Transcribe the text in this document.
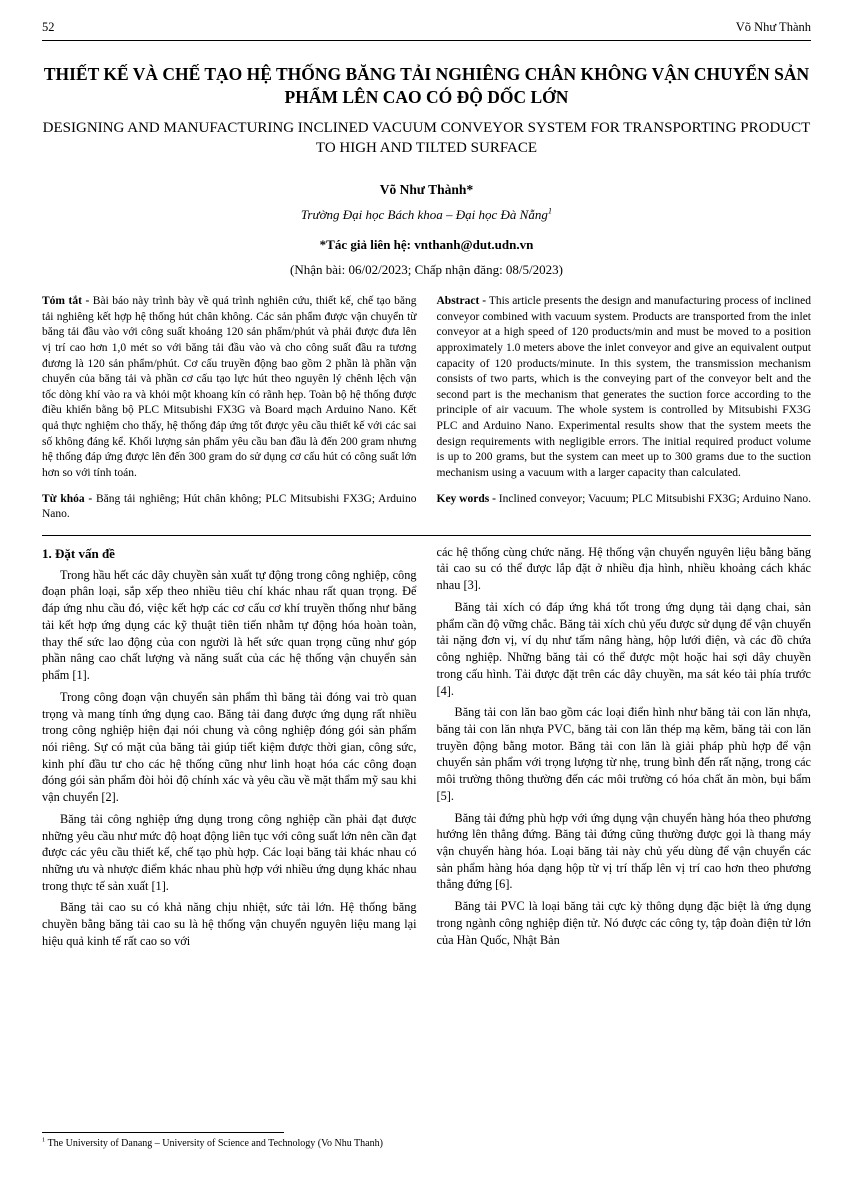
52	Võ Như Thành
THIẾT KẾ VÀ CHẾ TẠO HỆ THỐNG BĂNG TẢI NGHIÊNG CHÂN KHÔNG VẬN CHUYỂN SẢN PHẨM LÊN CAO CÓ ĐỘ DỐC LỚN
DESIGNING AND MANUFACTURING INCLINED VACUUM CONVEYOR SYSTEM FOR TRANSPORTING PRODUCT TO HIGH AND TILTED SURFACE
Võ Như Thành*
Trường Đại học Bách khoa – Đại học Đà Nẵng$^1$
*Tác giả liên hệ: vnthanh@dut.udn.vn
(Nhận bài: 06/02/2023; Chấp nhận đăng: 08/5/2023)

Tóm tắt - Bài báo này trình bày về quá trình nghiên cứu, thiết kế, chế tạo băng tải nghiêng kết hợp hệ thống hút chân không. Các sản phẩm được vận chuyển từ băng tải đầu vào với công suất khoảng 120 sản phẩm/phút và phải được đưa lên vị trí cao hơn 1,0 mét so với băng tải đầu vào và cho công suất đầu ra tương đương là 120 sản phẩm/phút. Cơ cấu truyền động bao gồm 2 phần là phần vận chuyển của băng tải và phần cơ cấu tạo lực hút theo nguyên lý chênh lệch vận tốc dòng khí vào ra và khỏi một khoang kín có rãnh hẹp. Toàn bộ hệ thống được điều khiển bằng bộ PLC Mitsubishi FX3G và Board mạch Arduino Nano. Kết quả thực nghiệm cho thấy, hệ thống đáp ứng tốt được yêu cầu thiết kế với các sai số không đáng kể. Khối lượng sản phẩm yêu cầu ban đầu là đến 200 gram nhưng hệ thống đáp ứng được lên đến 300 gram do sử dụng cơ cấu hút có công suất lớn hơn so với tính toán.

Từ khóa - Băng tải nghiêng; Hút chân không; PLC Mitsubishi FX3G; Arduino Nano.

Abstract - This article presents the design and manufacturing process of inclined conveyor combined with vacuum system. Products are transported from the inlet conveyor at a high speed of 120 products/min and must be moved to a position approximately 1.0 meters above the inlet conveyor and give an equivalent output capacity of 120 products/minute. In this system, the transmission mechanism consists of two parts, which is the conveying part of the conveyor belt and the second part is the mechanism that generates the suction force according to the principle of air vacuum. The whole system is controlled by Mitsubishi FX3G PLC and Arduino Nano. Experimental results show that the system meets the design requirements with negligible errors. The initial required product volume is up to 200 grams, but the system can meet up to 300 grams due to the suction mechanism using a vacuum with a larger capacity than calculated.

Key words - Inclined conveyor; Vacuum; PLC Mitsubishi FX3G; Arduino Nano.

1. Đặt vấn đề

Trong hầu hết các dây chuyền sản xuất tự động trong công nghiệp, công đoạn phân loại, sắp xếp theo nhiều tiêu chí khác nhau rất quan trọng. Để đáp ứng nhu cầu đó, việc kết hợp các cơ cấu cơ khí truyền thống như băng tải kết hợp ứng dụng các kỹ thuật tiên tiến nhằm tự động hóa hoàn toàn, thay thế sức lao động của con người là hết sức quan trọng cũng như góp phần nâng cao chất lượng và năng suất của các hệ thống vận chuyển sản phẩm [1].

Trong công đoạn vận chuyển sản phẩm thì băng tải đóng vai trò quan trọng và mang tính ứng dụng cao. Băng tải đang được ứng dụng rất nhiều trong công nghiệp hiện đại nói chung và công nghiệp đóng gói sản phẩm nói riêng. Sự có mặt của băng tải giúp tiết kiệm được thời gian, công sức, kinh phí đầu tư cho các hệ thống cũng như linh hoạt hóa các công đoạn đóng gói sản phẩm đòi hỏi độ chính xác và yêu cầu về mặt thẩm mỹ sau khi vận chuyển [2].

Băng tải công nghiệp ứng dụng trong công nghiệp cần phải đạt được những yêu cầu như mức độ hoạt động liên tục với công suất lớn nên cần đạt được các yêu cầu thiết kế, chế tạo phù hợp. Các loại băng tải khác nhau có những ưu và nhược điểm khác nhau phù hợp với nhiều ứng dụng khác nhau trong thực tế sản xuất [1].

Băng tải cao su có khả năng chịu nhiệt, sức tải lớn. Hệ thống băng chuyền bằng băng tải cao su là hệ thống vận chuyển nguyên liệu mang lại hiệu quả kinh tế rất cao so với

các hệ thống cùng chức năng. Hệ thống vận chuyển nguyên liệu bằng băng tải cao su có thể được lắp đặt ở nhiều địa hình, nhiều khoảng cách khác nhau [3].

Băng tải xích có đáp ứng khá tốt trong ứng dụng tải dạng chai, sản phẩm cần độ vững chắc. Băng tải xích chủ yếu được sử dụng để vận chuyển tải nặng đơn vị, ví dụ như tấm nâng hàng, hộp lưới điện, và các đồ chứa công nghiệp. Những băng tải có thể được một hoặc hai sợi dây chuyền trong cấu hình. Tải được đặt trên các dây chuyền, ma sát kéo tải phía trước [4].

Băng tải con lăn bao gồm các loại điển hình như băng tải con lăn nhựa, băng tải con lăn nhựa PVC, băng tải con lăn thép mạ kẽm, băng tải con lăn truyền động bằng motor. Băng tải con lăn là giải pháp phù hợp để vận chuyển sản phẩm với trọng lượng từ nhẹ, trung bình đến rất nặng, trong các môi trường thông thường đến các môi trường có hóa chất ăn mòn, bụi bẩm [5].

Băng tải đứng phù hợp với ứng dụng vận chuyển hàng hóa theo phương hướng lên thẳng đứng. Băng tải đứng cũng thường được gọi là thang máy vận chuyển hàng hóa. Loại băng tải này chủ yếu dùng để vận chuyển các sản phẩm hàng hóa dạng hộp từ vị trí thấp lên vị trí cao hơn theo phương thẳng đứng [6].

Băng tải PVC là loại băng tải cực kỳ thông dụng đặc biệt là ứng dụng trong ngành công nghiệp điện tử. Nó được các công ty, tập đoàn điện tử lớn của Hàn Quốc, Nhật Bản

$^1$ The University of Danang – University of Science and Technology (Vo Nhu Thanh)
